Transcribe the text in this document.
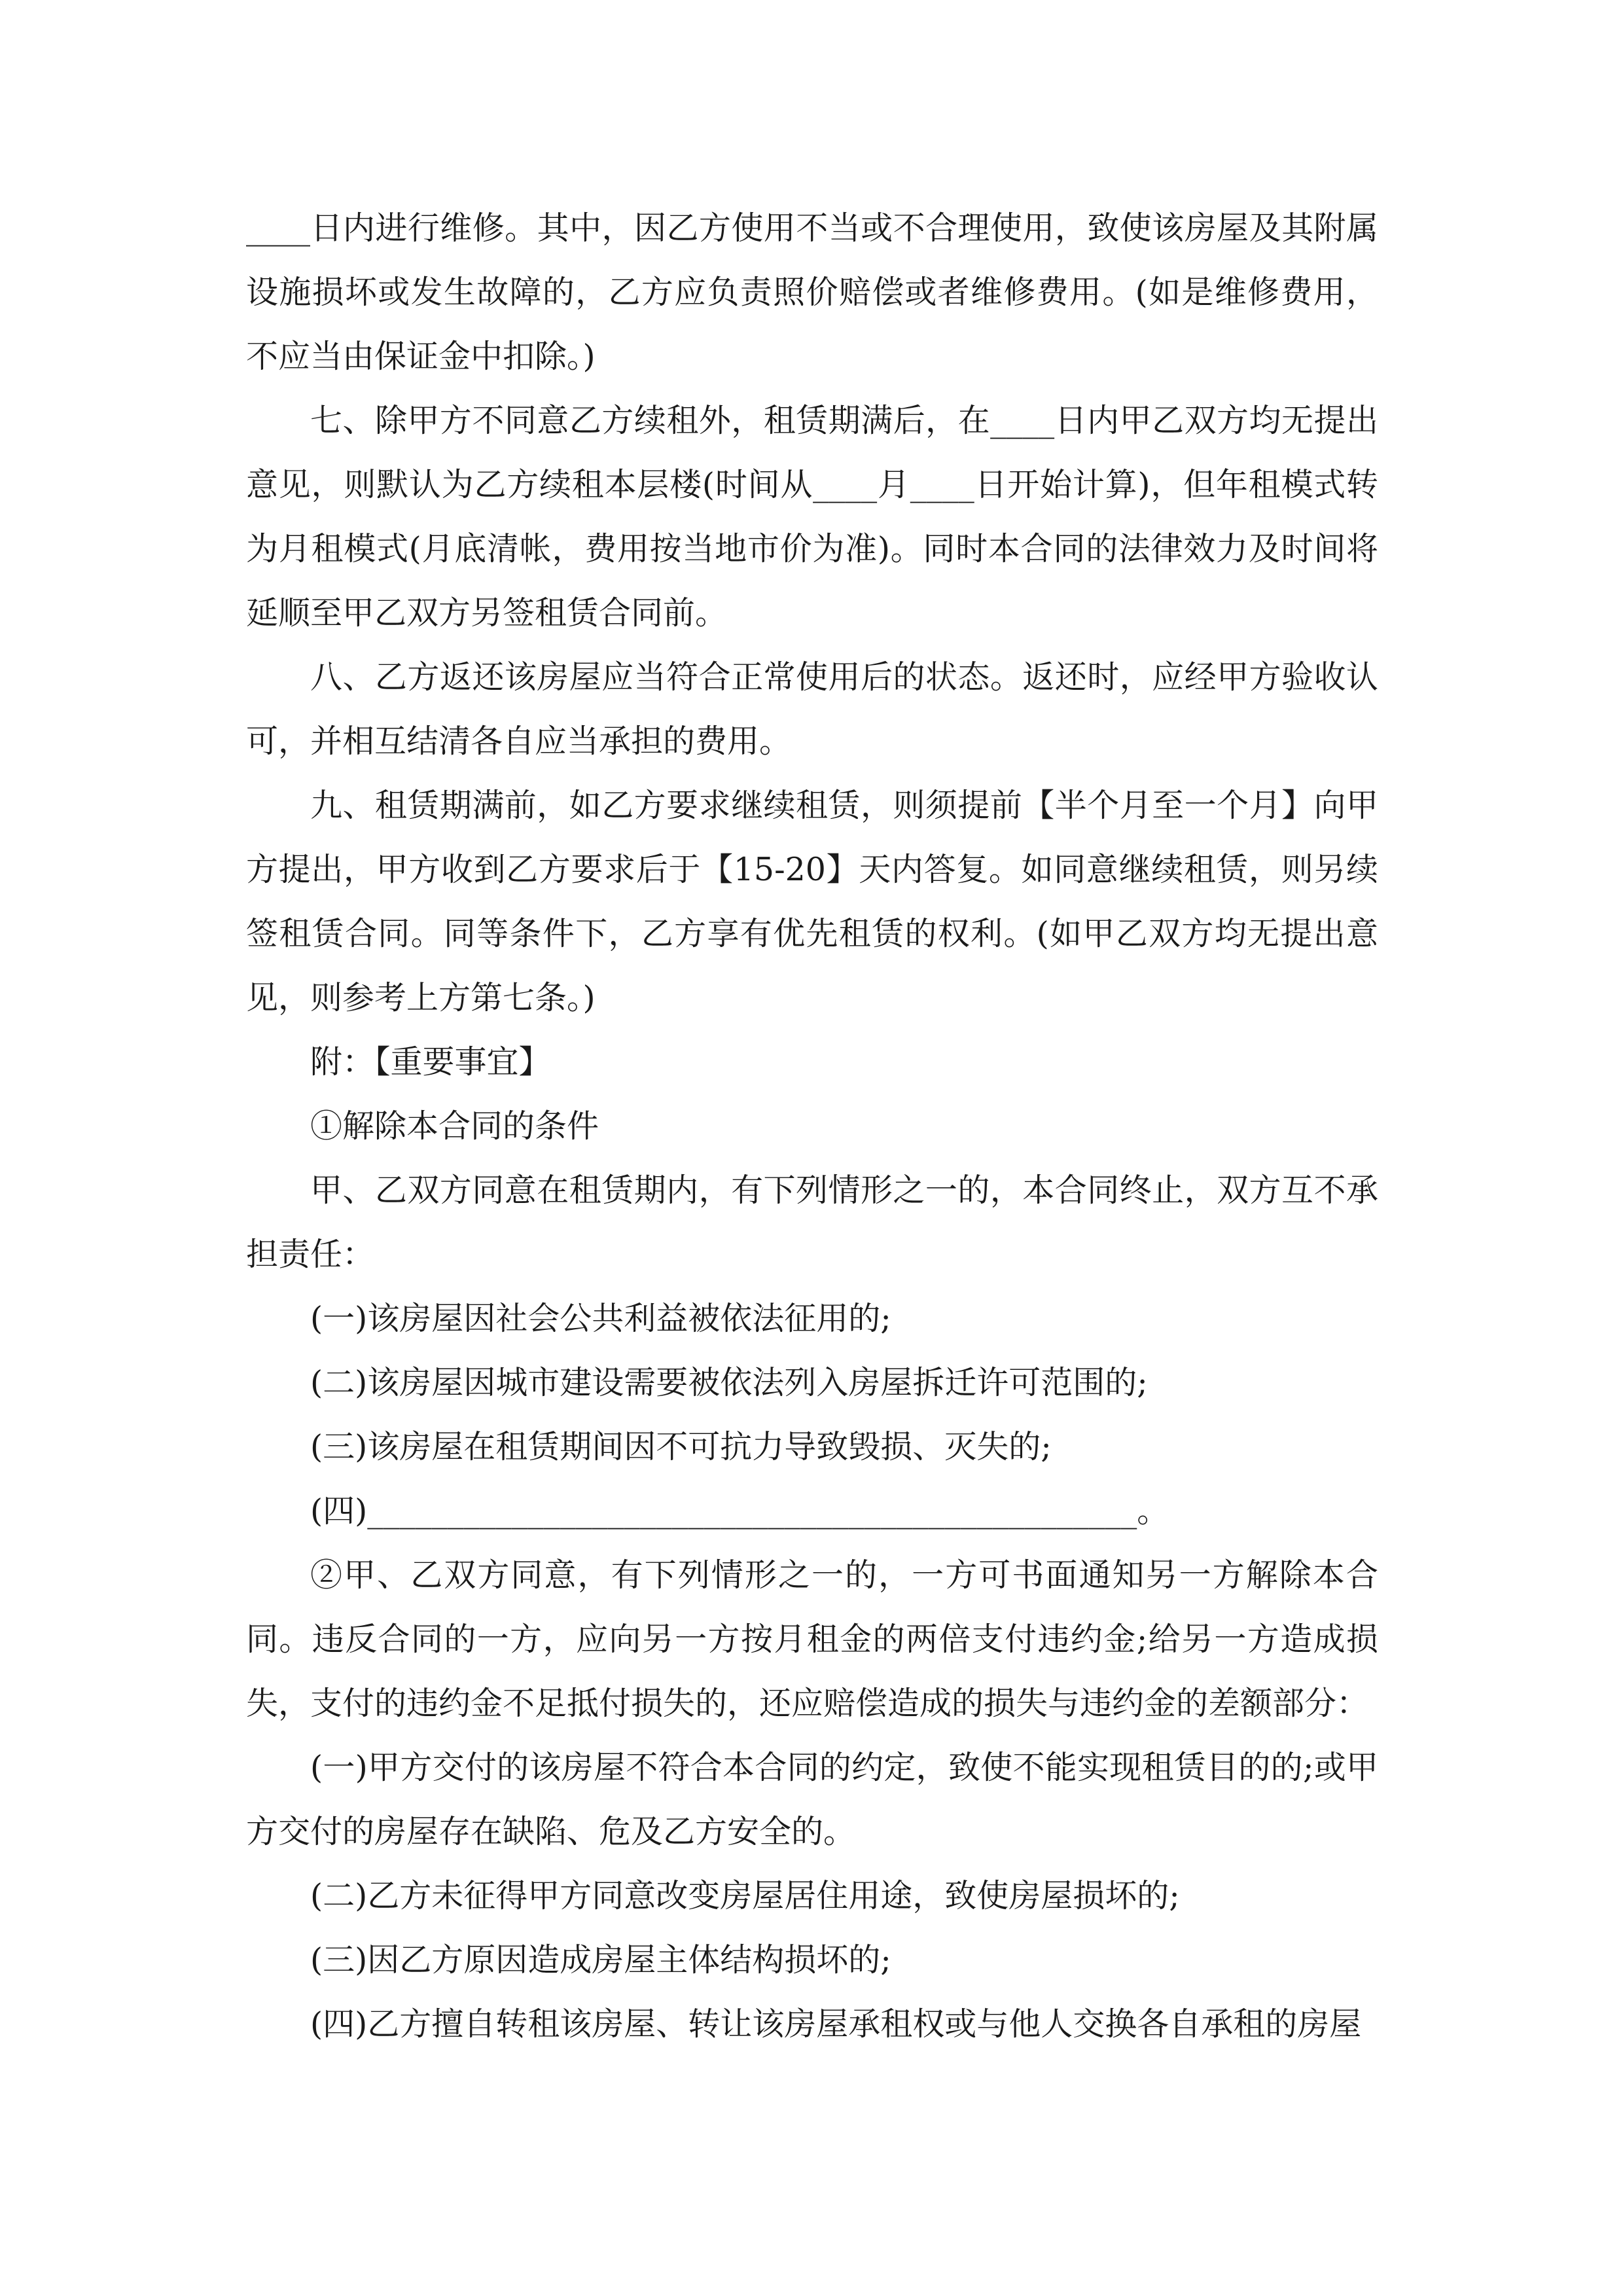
____日内进行维修。其中，因乙方使用不当或不合理使用，致使该房屋及其附属设施损坏或发生故障的，乙方应负责照价赔偿或者维修费用。(如是维修费用，不应当由保证金中扣除。)

七、除甲方不同意乙方续租外，租赁期满后，在____日内甲乙双方均无提出意见，则默认为乙方续租本层楼(时间从____月____日开始计算)，但年租模式转为月租模式(月底清帐，费用按当地市价为准)。同时本合同的法律效力及时间将延顺至甲乙双方另签租赁合同前。

八、乙方返还该房屋应当符合正常使用后的状态。返还时，应经甲方验收认可，并相互结清各自应当承担的费用。

九、租赁期满前，如乙方要求继续租赁，则须提前【半个月至一个月】向甲方提出，甲方收到乙方要求后于【15-20】天内答复。如同意继续租赁，则另续签租赁合同。同等条件下，乙方享有优先租赁的权利。(如甲乙双方均无提出意见，则参考上方第七条。)

附：【重要事宜】

①解除本合同的条件

甲、乙双方同意在租赁期内，有下列情形之一的，本合同终止，双方互不承担责任：

(一)该房屋因社会公共利益被依法征用的;

(二)该房屋因城市建设需要被依法列入房屋拆迁许可范围的;

(三)该房屋在租赁期间因不可抗力导致毁损、灭失的;

(四)________________________________________________。

②甲、乙双方同意，有下列情形之一的，一方可书面通知另一方解除本合同。违反合同的一方，应向另一方按月租金的两倍支付违约金;给另一方造成损失，支付的违约金不足抵付损失的，还应赔偿造成的损失与违约金的差额部分：

(一)甲方交付的该房屋不符合本合同的约定，致使不能实现租赁目的的;或甲方交付的房屋存在缺陷、危及乙方安全的。

(二)乙方未征得甲方同意改变房屋居住用途，致使房屋损坏的;

(三)因乙方原因造成房屋主体结构损坏的;

(四)乙方擅自转租该房屋、转让该房屋承租权或与他人交换各自承租的房屋
